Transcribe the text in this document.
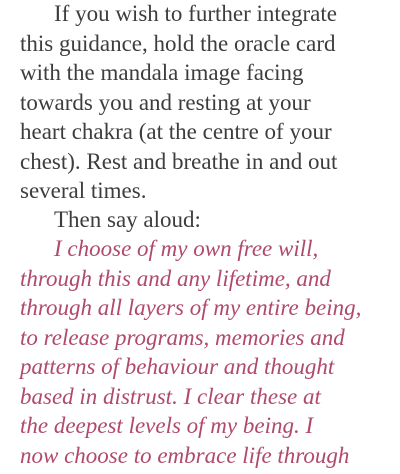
If you wish to further integrate
this guidance, hold the oracle card
with the mandala image facing
towards you and resting at your
heart chakra (at the centre of your
chest). Rest and breathe in and out
several times.
Then say aloud:
I choose of my own free will,
through this and any lifetime, and
through all layers of my entire being,
to release programs, memories and
patterns of behaviour and thought
based in distrust. I clear these at
the deepest levels of my being. I
now choose to embrace life through
